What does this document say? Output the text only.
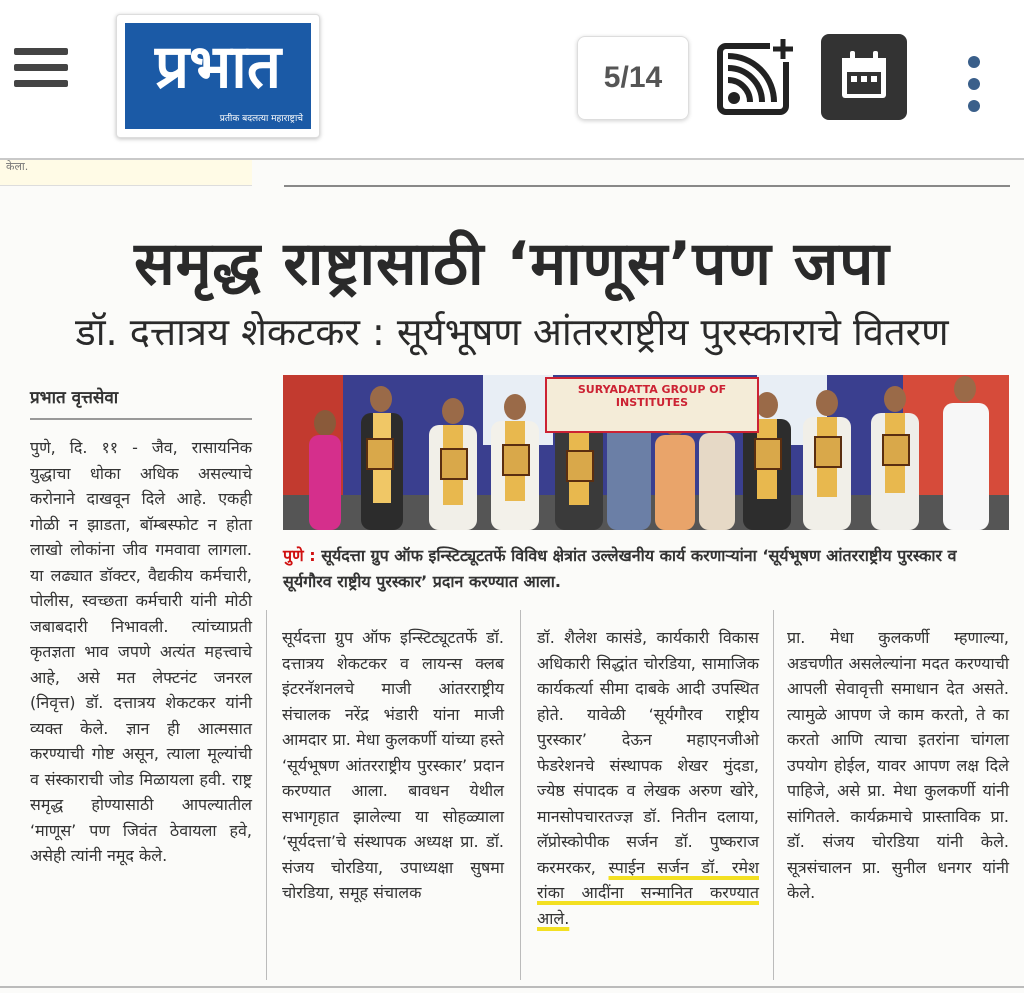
प्रभात
प्रतीक बदलत्या महाराष्ट्राचे
5/14
केला.
समृद्ध राष्ट्रासाठी ‘माणूस’पण जपा
डॉ. दत्तात्रय शेकटकर : सूर्यभूषण आंतरराष्ट्रीय पुरस्काराचे वितरण
प्रभात वृत्तसेवा	SURYADATTA GROUP OF INSTITUTES
पुणे : सूर्यदत्ता ग्रुप ऑफ इन्स्टिट्यूटतर्फे विविध क्षेत्रांत उल्लेखनीय कार्य करणाऱ्यांना ‘सूर्यभूषण आंतरराष्ट्रीय पुरस्कार व सूर्यगौरव राष्ट्रीय पुरस्कार’ प्रदान करण्यात आला.
पुणे, दि. ११ - जैव, रासायनिक युद्धाचा धोका अधिक असल्याचे करोनाने दाखवून दिले आहे. एकही गोळी न झाडता, बॉम्बस्फोट न होता लाखो लोकांना जीव गमवावा लागला. या लढ्यात डॉक्टर, वैद्यकीय कर्मचारी, पोलीस, स्वच्छता कर्मचारी यांनी मोठी जबाबदारी निभावली. त्यांच्याप्रती कृतज्ञता भाव जपणे अत्यंत महत्त्वाचे आहे, असे मत लेफ्टनंट जनरल (निवृत्त) डॉ. दत्तात्रय शेकटकर यांनी व्यक्त केले. ज्ञान ही आत्मसात करण्याची गोष्ट असून, त्याला मूल्यांची व संस्काराची जोड मिळायला हवी. राष्ट्र समृद्ध होण्यासाठी आपल्यातील ‘माणूस’ पण जिवंत ठेवायला हवे, असेही त्यांनी नमूद केले.
सूर्यदत्ता ग्रुप ऑफ इन्स्टिट्यूटतर्फे डॉ. दत्तात्रय शेकटकर व लायन्स क्लब इंटरनॅशनलचे माजी आंतरराष्ट्रीय संचालक नरेंद्र भंडारी यांना माजी आमदार प्रा. मेधा कुलकर्णी यांच्या हस्ते ‘सूर्यभूषण आंतरराष्ट्रीय पुरस्कार’ प्रदान करण्यात आला. बावधन येथील सभागृहात झालेल्या या सोहळ्याला ‘सूर्यदत्ता’चे संस्थापक अध्यक्ष प्रा. डॉ. संजय चोरडिया, उपाध्यक्षा सुषमा चोरडिया, समूह संचालक
डॉ. शैलेश कासंडे, कार्यकारी विकास अधिकारी सिद्धांत चोरडिया, सामाजिक कार्यकर्त्या सीमा दाबके आदी उपस्थित होते. यावेळी ‘सूर्यगौरव राष्ट्रीय पुरस्कार’ देऊन महाएनजीओ फेडरेशनचे संस्थापक शेखर मुंदडा, ज्येष्ठ संपादक व लेखक अरुण खोरे, मानसोपचारतज्ज्ञ डॉ. नितीन दलाया, लॅप्रोस्कोपीक सर्जन डॉ. पुष्कराज करमरकर, स्पाईन सर्जन डॉ. रमेश रांका आदींना सन्मानित करण्यात आले.
प्रा. मेधा कुलकर्णी म्हणाल्या, अडचणीत असलेल्यांना मदत करण्याची आपली सेवावृत्ती समाधान देत असते. त्यामुळे आपण जे काम करतो, ते का करतो आणि त्याचा इतरांना चांगला उपयोग होईल, यावर आपण लक्ष दिले पाहिजे, असे प्रा. मेधा कुलकर्णी यांनी सांगितले. कार्यक्रमाचे प्रास्ताविक प्रा. डॉ. संजय चोरडिया यांनी केले. सूत्रसंचालन प्रा. सुनील धनगर यांनी केले.
